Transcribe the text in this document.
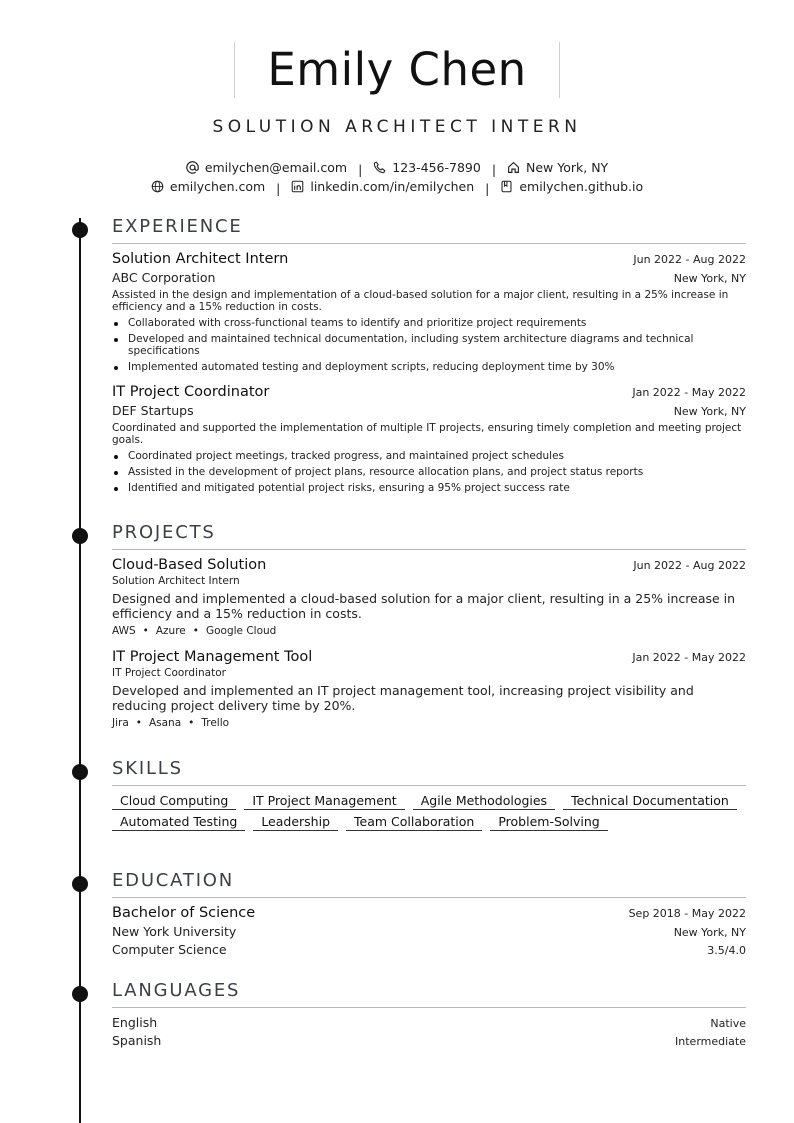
Emily Chen
SOLUTION ARCHITECT INTERN
emilychen@email.com | 123-456-7890 | New York, NY
emilychen.com | linkedin.com/in/emilychen | emilychen.github.io
EXPERIENCE
Solution Architect Intern	Jun 2022 - Aug 2022
ABC Corporation	New York, NY
Assisted in the design and implementation of a cloud-based solution for a major client, resulting in a 25% increase in efficiency and a 15% reduction in costs.
Collaborated with cross-functional teams to identify and prioritize project requirements
Developed and maintained technical documentation, including system architecture diagrams and technical specifications
Implemented automated testing and deployment scripts, reducing deployment time by 30%
IT Project Coordinator	Jan 2022 - May 2022
DEF Startups	New York, NY
Coordinated and supported the implementation of multiple IT projects, ensuring timely completion and meeting project goals.
Coordinated project meetings, tracked progress, and maintained project schedules
Assisted in the development of project plans, resource allocation plans, and project status reports
Identified and mitigated potential project risks, ensuring a 95% project success rate
PROJECTS
Cloud-Based Solution	Jun 2022 - Aug 2022
Solution Architect Intern
Designed and implemented a cloud-based solution for a major client, resulting in a 25% increase in efficiency and a 15% reduction in costs.
AWS • Azure • Google Cloud
IT Project Management Tool	Jan 2022 - May 2022
IT Project Coordinator
Developed and implemented an IT project management tool, increasing project visibility and reducing project delivery time by 20%.
Jira • Asana • Trello
SKILLS
Cloud Computing	IT Project Management	Agile Methodologies	Technical Documentation
Automated Testing	Leadership	Team Collaboration	Problem-Solving
EDUCATION
Bachelor of Science	Sep 2018 - May 2022
New York University	New York, NY
Computer Science	3.5/4.0
LANGUAGES
English	Native
Spanish	Intermediate
